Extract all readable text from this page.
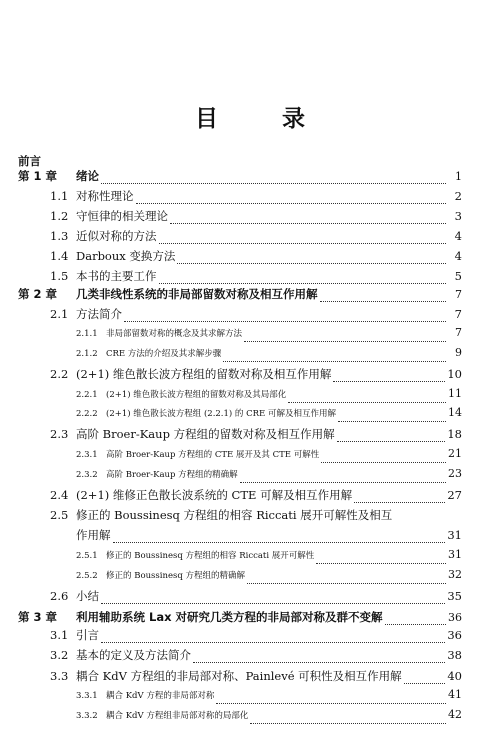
目 录
前言
第 1 章	绪论	1
1.1 对称性理论	2
1.2 守恒律的相关理论	3
1.3 近似对称的方法	4
1.4 Darboux 变换方法	4
1.5 本书的主要工作	5
第 2 章	几类非线性系统的非局部留数对称及相互作用解	7
2.1 方法简介	7
2.1.1 非局部留数对称的概念及其求解方法	7
2.1.2 CRE 方法的介绍及其求解步骤	9
2.2 (2+1) 维色散长波方程组的留数对称及相互作用解	10
2.2.1 (2+1) 维色散长波方程组的留数对称及其局部化	11
2.2.2 (2+1) 维色散长波方程组 (2.2.1) 的 CRE 可解及相互作用解	14
2.3 高阶 Broer-Kaup 方程组的留数对称及相互作用解	18
2.3.1 高阶 Broer-Kaup 方程组的 CTE 展开及其 CTE 可解性	21
2.3.2 高阶 Broer-Kaup 方程组的精确解	23
2.4 (2+1) 维修正色散长波系统的 CTE 可解及相互作用解	27
2.5 修正的 Boussinesq 方程组的相容 Riccati 展开可解性及相互
作用解	31
2.5.1 修正的 Boussinesq 方程组的相容 Riccati 展开可解性	31
2.5.2 修正的 Boussinesq 方程组的精确解	32
2.6 小结	35
第 3 章	利用辅助系统 Lax 对研究几类方程的非局部对称及群不变解	36
3.1 引言	36
3.2 基本的定义及方法简介	38
3.3 耦合 KdV 方程组的非局部对称、Painlevé 可积性及相互作用解	40
3.3.1 耦合 KdV 方程的非局部对称	41
3.3.2 耦合 KdV 方程组非局部对称的局部化	42
